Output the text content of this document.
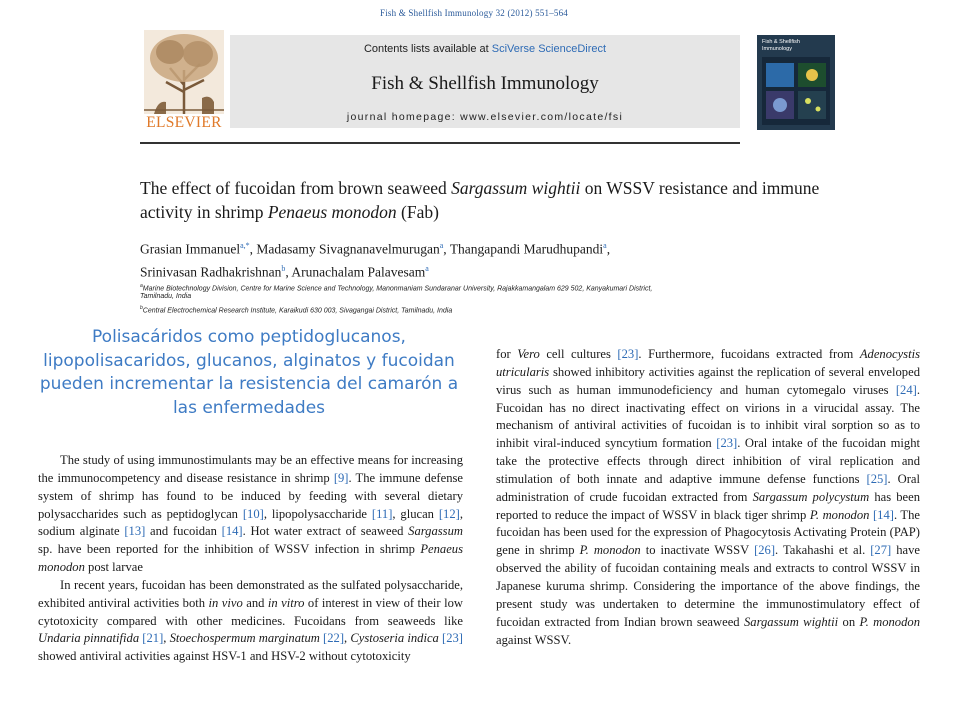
Fish & Shellfish Immunology 32 (2012) 551–564
ELSEVIER
Contents lists available at SciVerse ScienceDirect
Fish & Shellfish Immunology
journal homepage: www.elsevier.com/locate/fsi
Fish & Shellfish
Immunology
The effect of fucoidan from brown seaweed Sargassum wightii on WSSV resistance and immune activity in shrimp Penaeus monodon (Fab)
Grasian Immanuel$^{a,*}$, Madasamy Sivagnanavelmurugan$^a$, Thangapandi Marudhupandi$^a$,
Srinivasan Radhakrishnan$^b$, Arunachalam Palavesam$^a$
$^a$Marine Biotechnology Division, Centre for Marine Science and Technology, Manonmaniam Sundaranar University, Rajakkamangalam 629 502, Kanyakumari District,
Tamilnadu, India
$^b$Central Electrochemical Research Institute, Karaikudi 630 003, Sivagangai District, Tamilnadu, India
Polisacáridos como peptidoglucanos, lipopolisacaridos, glucanos, alginatos y fucoidan pueden incrementar la resistencia del camarón a las enfermedades

The study of using immunostimulants may be an effective means for increasing the immunocompetency and disease resistance in shrimp [9]. The immune defense system of shrimp has found to be induced by feeding with several dietary polysaccharides such as peptidoglycan [10], lipopolysaccharide [11], glucan [12], sodium alginate [13] and fucoidan [14]. Hot water extract of seaweed Sargassum sp. have been reported for the inhibition of WSSV infection in shrimp Penaeus monodon post larvae

In recent years, fucoidan has been demonstrated as the sulfated polysaccharide, exhibited antiviral activities both in vivo and in vitro of interest in view of their low cytotoxicity compared with other medicines. Fucoidans from seaweeds like Undaria pinnatifida [21], Stoechospermum marginatum [22], Cystoseria indica [23] showed antiviral activities against HSV-1 and HSV-2 without cytotoxicity

for Vero cell cultures [23]. Furthermore, fucoidans extracted from Adenocystis utricularis showed inhibitory activities against the replication of several enveloped virus such as human immunodeficiency and human cytomegalo viruses [24]. Fucoidan has no direct inactivating effect on virions in a virucidal assay. The mechanism of antiviral activities of fucoidan is to inhibit viral sorption so as to inhibit viral-induced syncytium formation [23]. Oral intake of the fucoidan might take the protective effects through direct inhibition of viral replication and stimulation of both innate and adaptive immune defense functions [25]. Oral administration of crude fucoidan extracted from Sargassum polycystum has been reported to reduce the impact of WSSV in black tiger shrimp P. monodon [14]. The fucoidan has been used for the expression of Phagocytosis Activating Protein (PAP) gene in shrimp P. monodon to inactivate WSSV [26]. Takahashi et al. [27] have observed the ability of fucoidan containing meals and extracts to control WSSV in Japanese kuruma shrimp. Considering the importance of the above findings, the present study was undertaken to determine the immunostimulatory effect of fucoidan extracted from Indian brown seaweed Sargassum wightii on P. monodon against WSSV.
